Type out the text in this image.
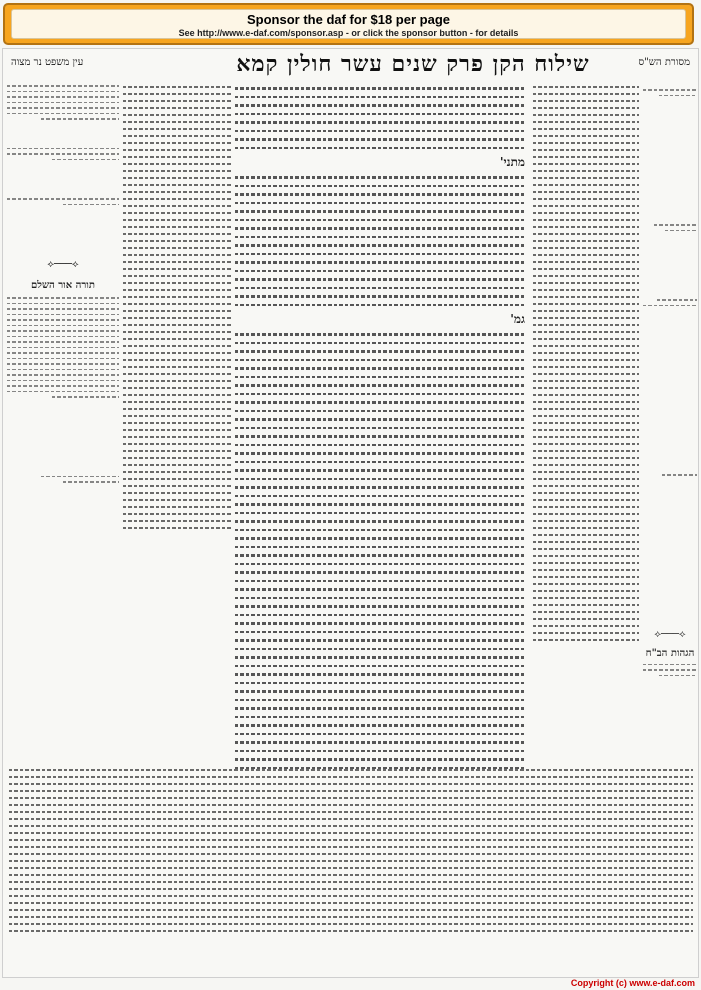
Sponsor the daf for $18 per page
See http://www.e-daf.com/sponsor.asp - or click the sponsor button - for details
מסורת הש"ס
עין משפט נר מצוה	שילוח הקן פרק שנים עשר חולין קמא
⟡───⟡
הגהות הב"ח
מתני'
גמ'
⟡───⟡
תורה אור השלם
Copyright (c) www.e-daf.com
